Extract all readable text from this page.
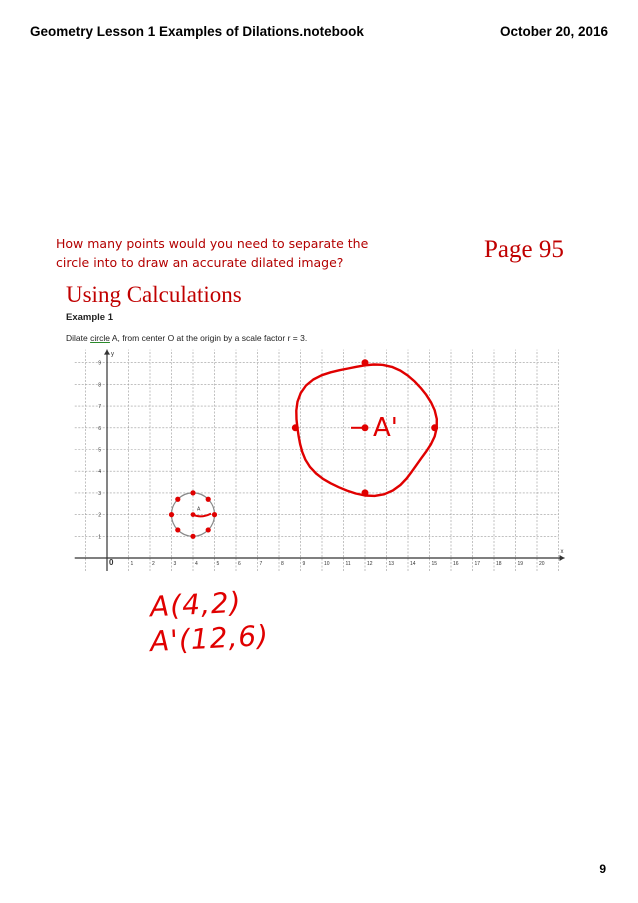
Geometry Lesson 1 Examples of Dilations.notebook	October 20, 2016
How many points would you need to separate the circle into to draw an accurate dilated image?	Page 95
Using Calculations
Example 1
Dilate circle A, from center O at the origin by a scale factor r = 3.
x
y
0	1	2	3	4	5	6	7	8	9	10	11	12	13	14	15	16	17	18	19	20
1
2
3
4
5
6
7
8
9
A
A'
A(4,2)
A'(12,6)
9
